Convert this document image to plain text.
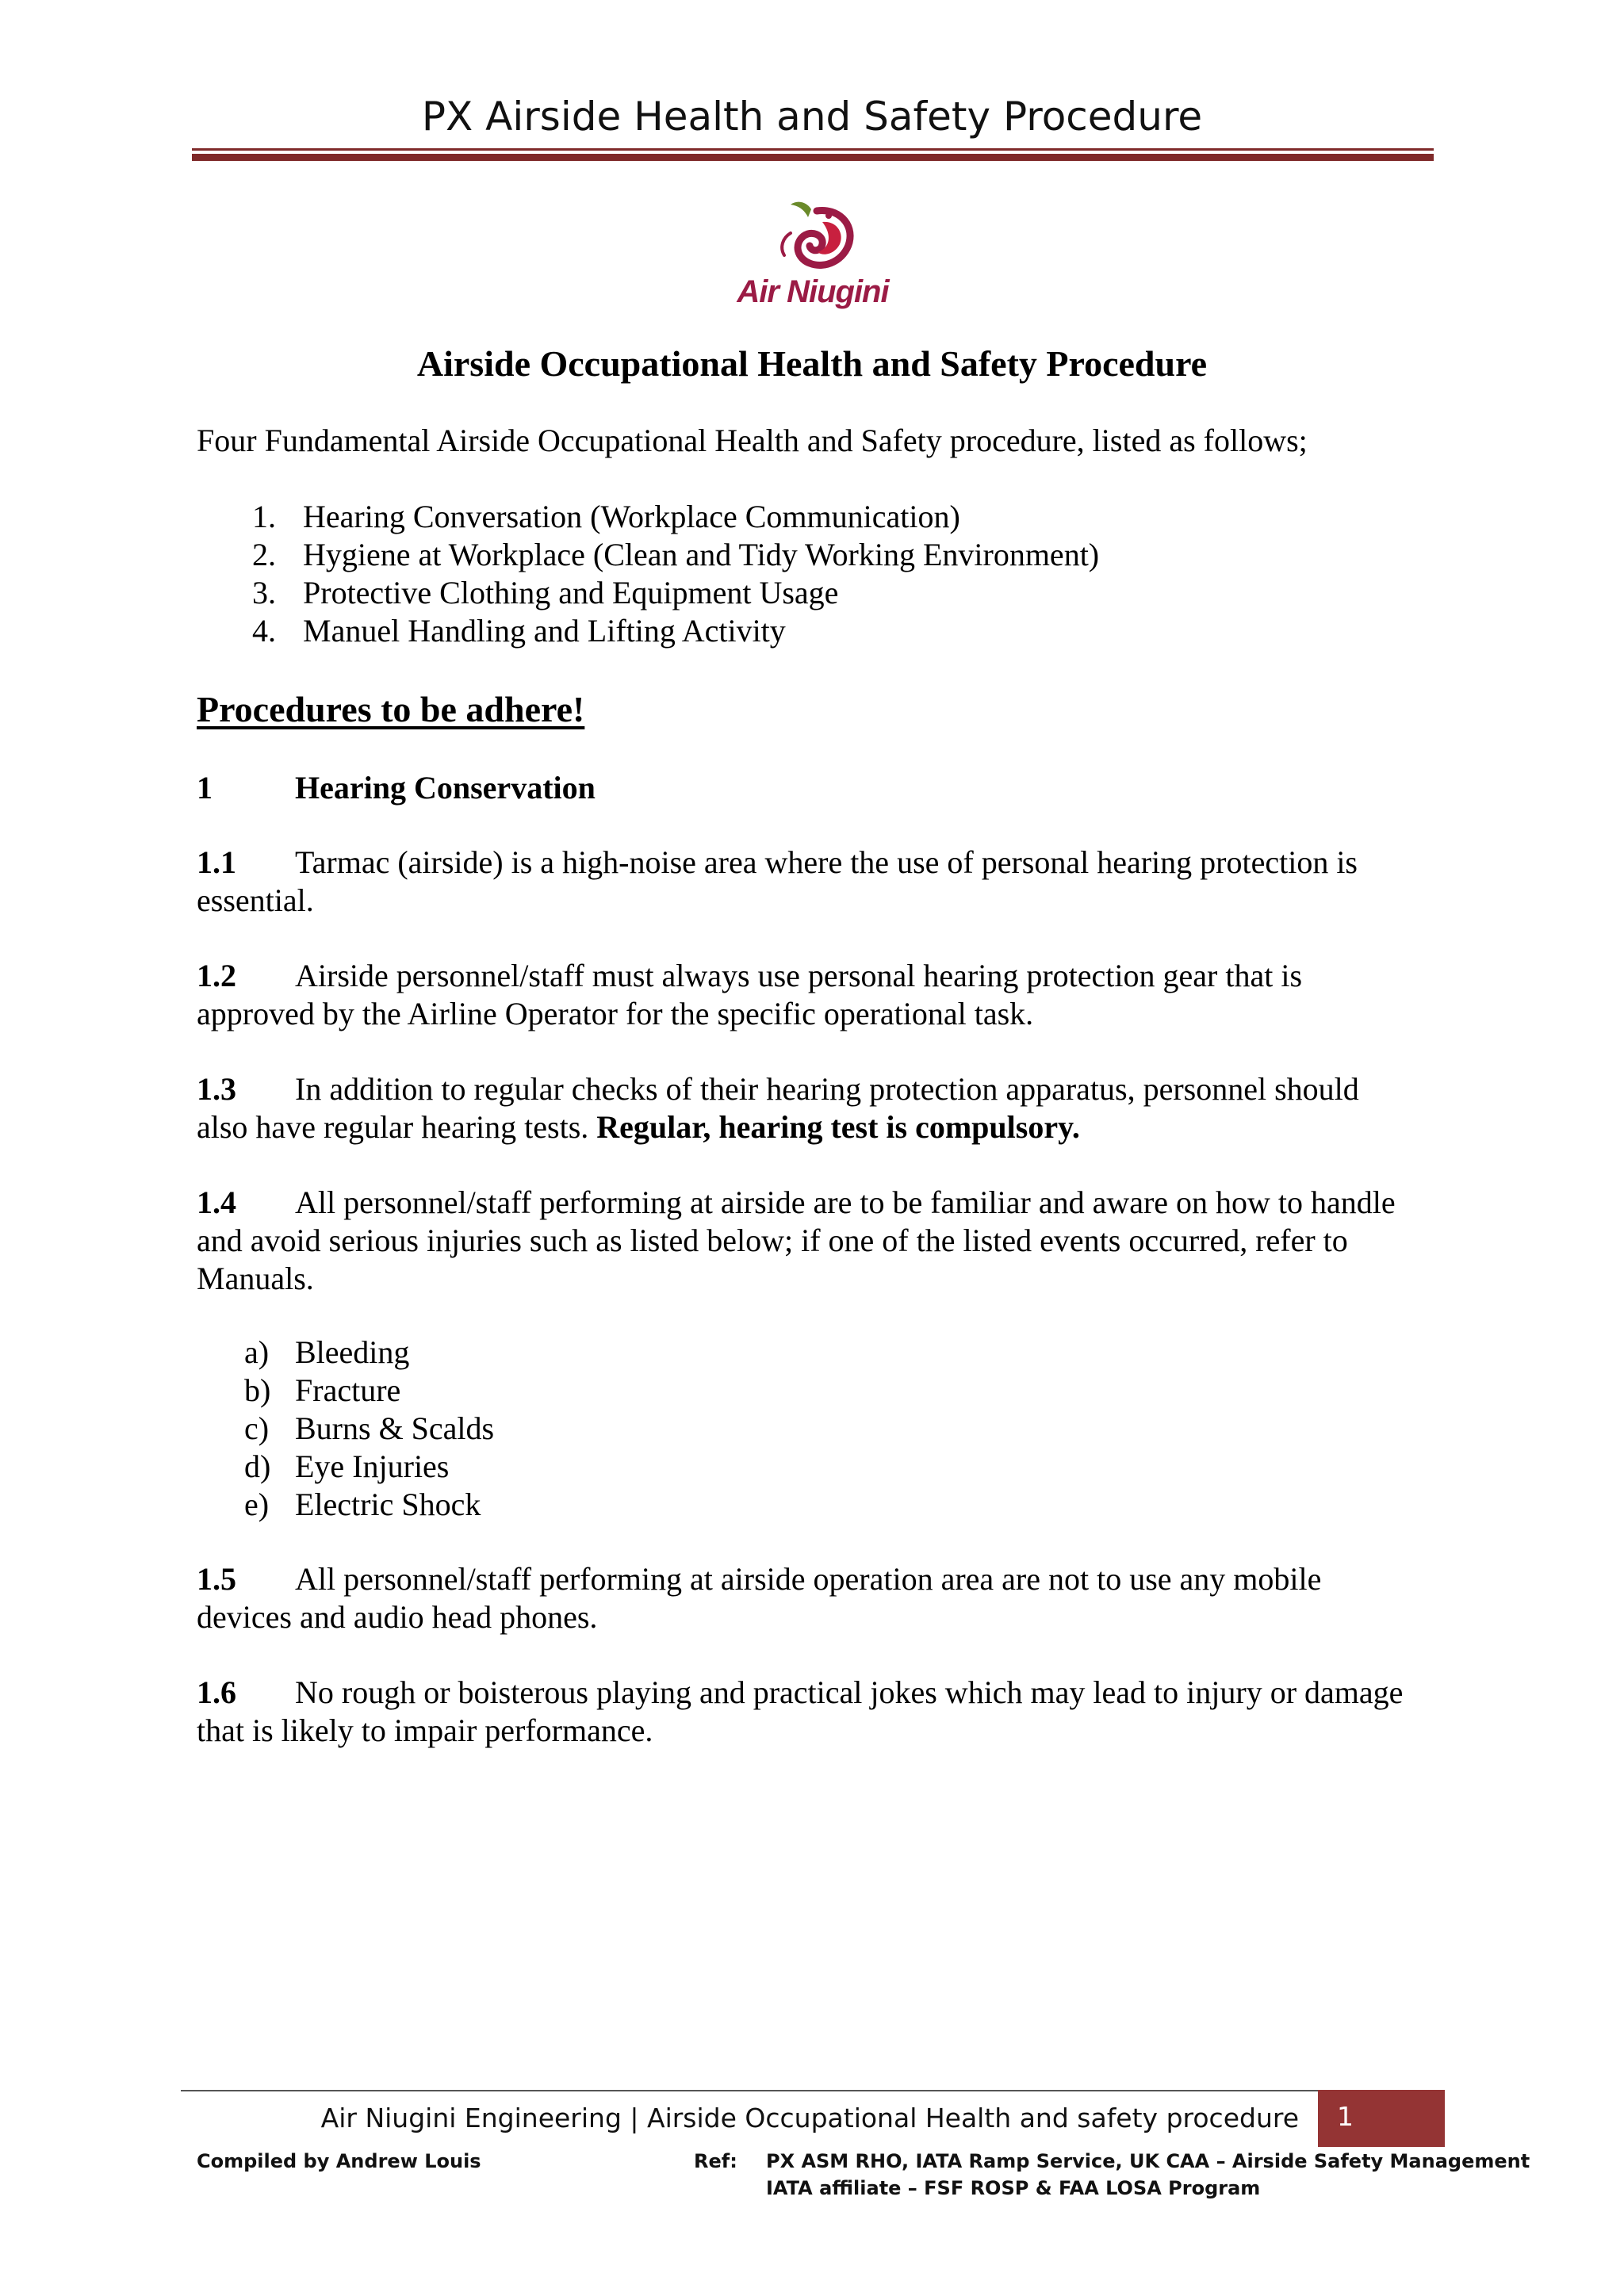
PX Airside Health and Safety Procedure
Air Niugini
Airside Occupational Health and Safety Procedure
Four Fundamental Airside Occupational Health and Safety procedure, listed as follows;
1. Hearing Conversation (Workplace Communication)
2. Hygiene at Workplace (Clean and Tidy Working Environment)
3. Protective Clothing and Equipment Usage
4. Manuel Handling and Lifting Activity
Procedures to be adhere!
1	Hearing Conservation
1.1 Tarmac (airside) is a high-noise area where the use of personal hearing protection is essential.
1.2 Airside personnel/staff must always use personal hearing protection gear that is approved by the Airline Operator for the specific operational task.
1.3 In addition to regular checks of their hearing protection apparatus, personnel should also have regular hearing tests. Regular, hearing test is compulsory.
1.4 All personnel/staff performing at airside are to be familiar and aware on how to handle and avoid serious injuries such as listed below; if one of the listed events occurred, refer to Manuals.
a) Bleeding
b) Fracture
c) Burns & Scalds
d) Eye Injuries
e) Electric Shock
1.5 All personnel/staff performing at airside operation area are not to use any mobile devices and audio head phones.
1.6 No rough or boisterous playing and practical jokes which may lead to injury or damage that is likely to impair performance.
Air Niugini Engineering | Airside Occupational Health and safety procedure	1
Compiled by Andrew Louis	Ref: PX ASM RHO, IATA Ramp Service, UK CAA – Airside Safety Management
IATA affiliate – FSF ROSP & FAA LOSA Program
